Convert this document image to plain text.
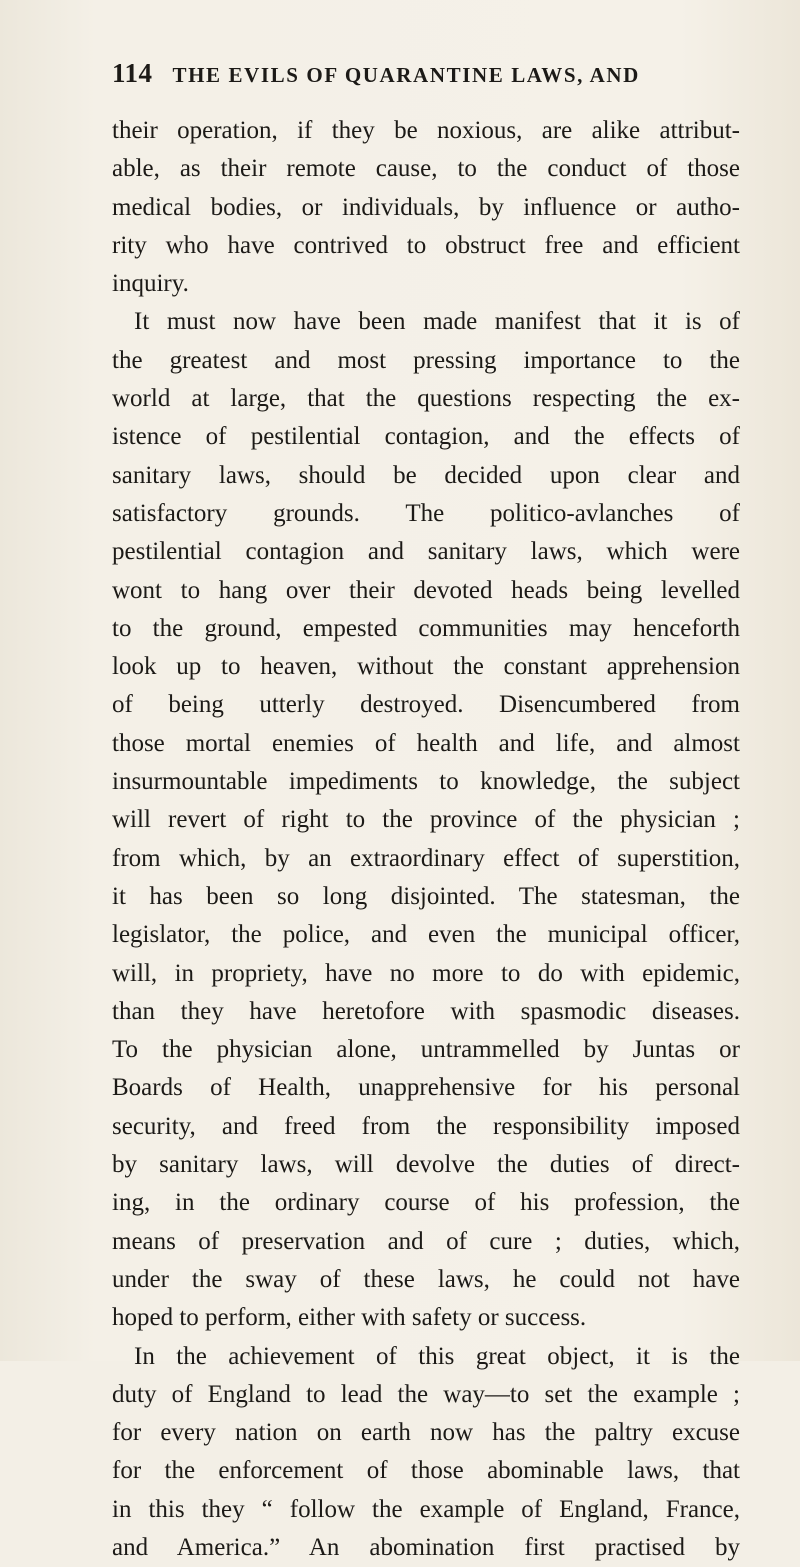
114 THE EVILS OF QUARANTINE LAWS, AND
their operation, if they be noxious, are alike attribut-
able, as their remote cause, to the conduct of those
medical bodies, or individuals, by influence or autho-
rity who have contrived to obstruct free and efficient
inquiry.
It must now have been made manifest that it is of
the greatest and most pressing importance to the
world at large, that the questions respecting the ex-
istence of pestilential contagion, and the effects of
sanitary laws, should be decided upon clear and
satisfactory grounds. The politico-avlanches of
pestilential contagion and sanitary laws, which were
wont to hang over their devoted heads being levelled
to the ground, empested communities may henceforth
look up to heaven, without the constant apprehension
of being utterly destroyed. Disencumbered from
those mortal enemies of health and life, and almost
insurmountable impediments to knowledge, the subject
will revert of right to the province of the physician ;
from which, by an extraordinary effect of superstition,
it has been so long disjointed. The statesman, the
legislator, the police, and even the municipal officer,
will, in propriety, have no more to do with epidemic,
than they have heretofore with spasmodic diseases.
To the physician alone, untrammelled by Juntas or
Boards of Health, unapprehensive for his personal
security, and freed from the responsibility imposed
by sanitary laws, will devolve the duties of direct-
ing, in the ordinary course of his profession, the
means of preservation and of cure ; duties, which,
under the sway of these laws, he could not have
hoped to perform, either with safety or success.
In the achievement of this great object, it is the
duty of England to lead the way—to set the example ;
for every nation on earth now has the paltry excuse
for the enforcement of those abominable laws, that
in this they “ follow the example of England, France,
and America.” An abomination first practised by
